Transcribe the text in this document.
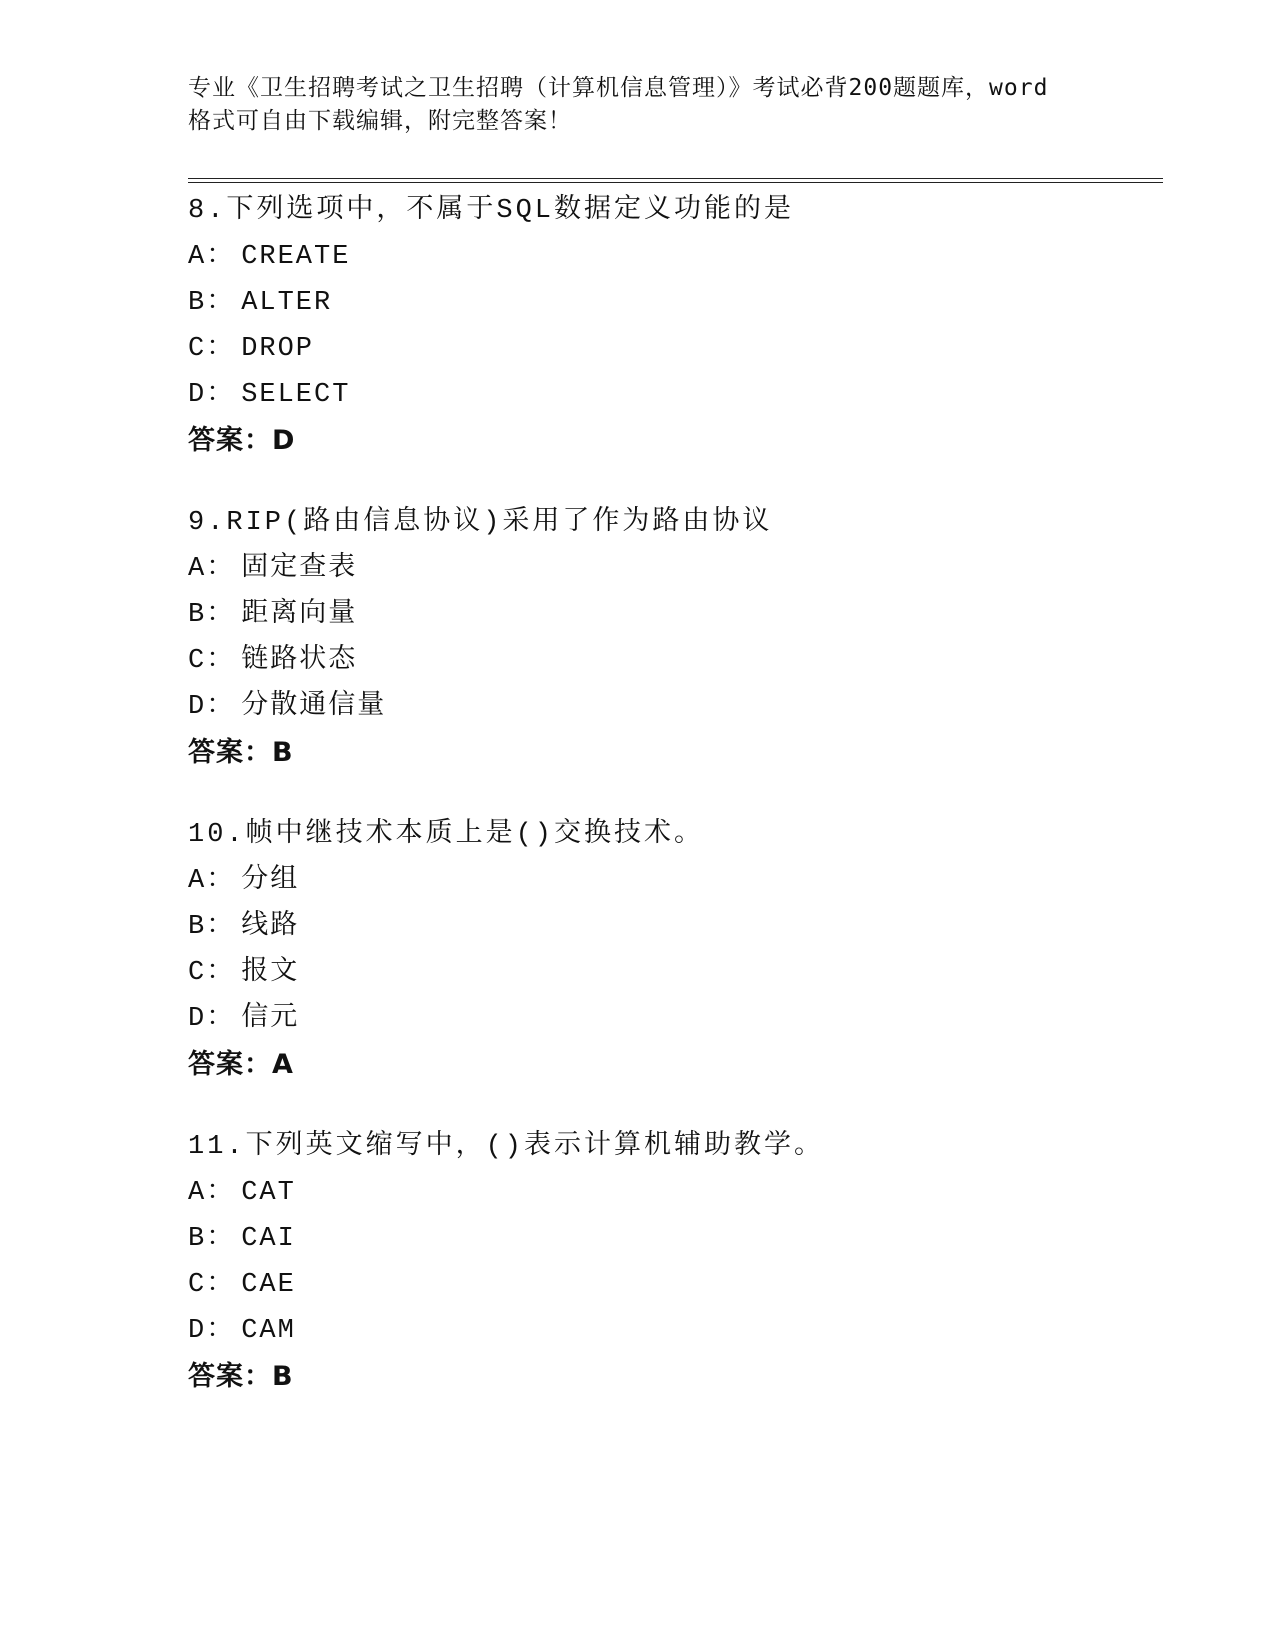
专业《卫生招聘考试之卫生招聘（计算机信息管理）》考试必背200题题库，word
格式可自由下载编辑，附完整答案！
8.下列选项中，不属于SQL数据定义功能的是
A： CREATE
B： ALTER
C： DROP
D： SELECT
答案：D
9.RIP(路由信息协议)采用了作为路由协议
A： 固定查表
B： 距离向量
C： 链路状态
D： 分散通信量
答案：B
10.帧中继技术本质上是()交换技术。
A： 分组
B： 线路
C： 报文
D： 信元
答案：A
11.下列英文缩写中，()表示计算机辅助教学。
A： CAT
B： CAI
C： CAE
D： CAM
答案：B
